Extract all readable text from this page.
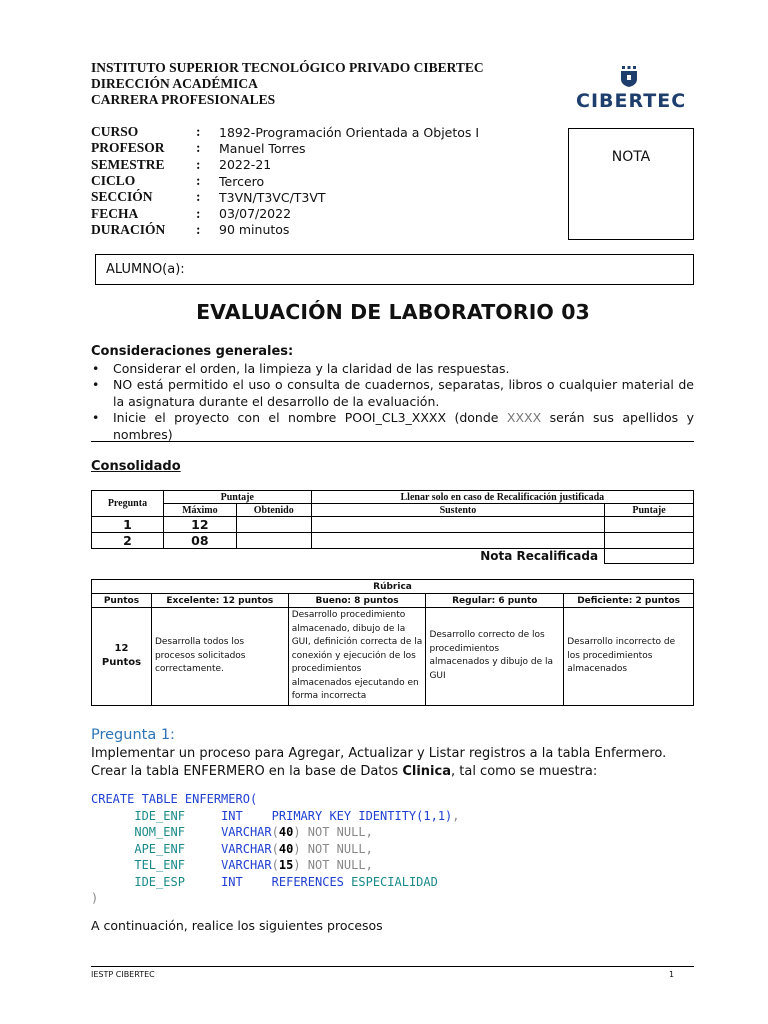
INSTITUTO SUPERIOR TECNOLÓGICO PRIVADO CIBERTEC
DIRECCIÓN ACADÉMICA
CARRERA PROFESIONALES	CIBERTEC
CURSO	:	1892-Programación Orientada a Objetos I
PROFESOR	:	Manuel Torres
SEMESTRE	:	2022-21
CICLO	:	Tercero
SECCIÓN	:	T3VN/T3VC/T3VT
FECHA	:	03/07/2022
DURACIÓN	:	90 minutos
NOTA
ALUMNO(a):
EVALUACIÓN DE LABORATORIO 03
Consideraciones generales:
• Considerar el orden, la limpieza y la claridad de las respuestas.
• NO está permitido el uso o consulta de cuadernos, separatas, libros o cualquier material de la asignatura durante el desarrollo de la evaluación.
• Inicie el proyecto con el nombre POOI_CL3_XXXX (donde XXXX serán sus apellidos y nombres)
Consolidado
Pregunta	Puntaje		Llenar solo en caso de Recalificación justificada	
	Máximo	Obtenido	Sustento	Puntaje
1	12			
2	08			
			Nota Recalificada	
Rúbrica				
Puntos	Excelente: 12 puntos	Bueno: 8 puntos	Regular: 6 punto	Deficiente: 2 puntos
12 Puntos	Desarrolla todos los procesos solicitados correctamente.	Desarrollo procedimiento almacenado, dibujo de la GUI, definición correcta de la conexión y ejecución de los procedimientos almacenados ejecutando en forma incorrecta	Desarrollo correcto de los procedimientos almacenados y dibujo de la GUI	Desarrollo incorrecto de los procedimientos almacenados
Pregunta 1:
Implementar un proceso para Agregar, Actualizar y Listar registros a la tabla Enfermero. Crear la tabla ENFERMERO en la base de Datos Clinica, tal como se muestra:
CREATE TABLE ENFERMERO(
IDE_ENF	INT PRIMARY KEY IDENTITY(1,1),
NOM_ENF	VARCHAR(40) NOT NULL,
APE_ENF	VARCHAR(40) NOT NULL,
TEL_ENF	VARCHAR(15) NOT NULL,
IDE_ESP	INT REFERENCES ESPECIALIDAD
)
A continuación, realice los siguientes procesos
IESTP CIBERTEC	1
